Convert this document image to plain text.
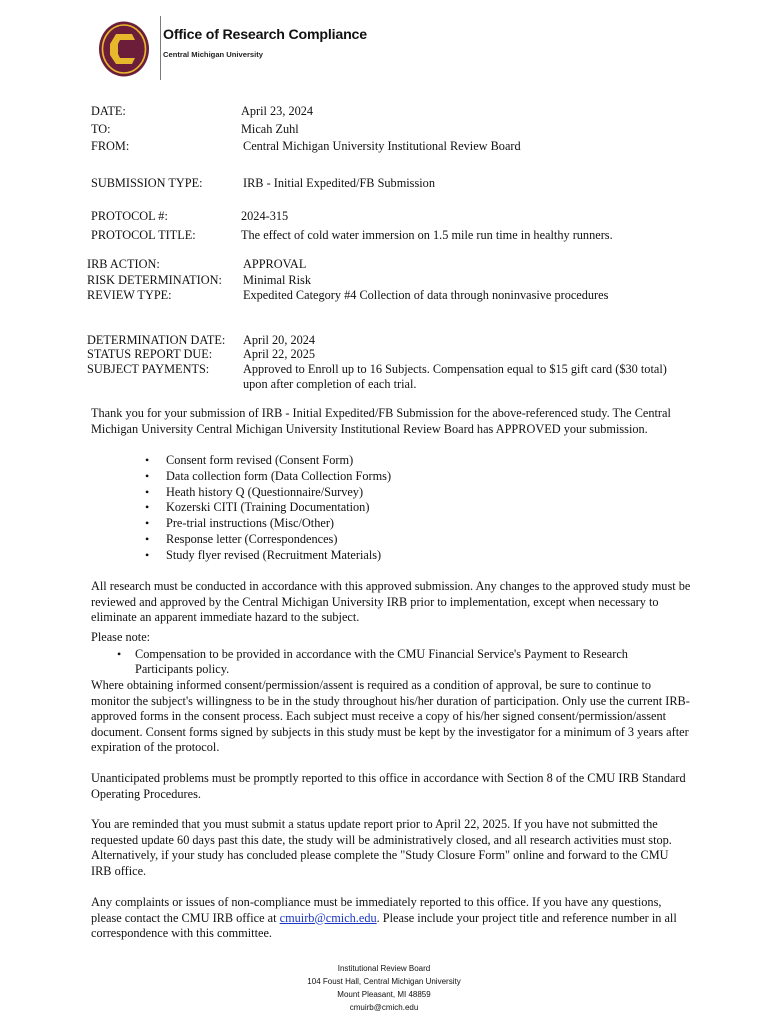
Office of Research Compliance
Central Michigan University
DATE:	April 23, 2024
TO:	Micah Zuhl
FROM:	Central Michigan University Institutional Review Board
SUBMISSION TYPE:	IRB - Initial Expedited/FB Submission
PROTOCOL #:	2024-315
PROTOCOL TITLE:	The effect of cold water immersion on 1.5 mile run time in healthy runners.
IRB ACTION:	APPROVAL
RISK DETERMINATION: Minimal Risk
REVIEW TYPE:	Expedited Category #4 Collection of data through noninvasive procedures
DETERMINATION DATE: April 20, 2024
STATUS REPORT DUE:	April 22, 2025
SUBJECT PAYMENTS:	Approved to Enroll up to 16 Subjects. Compensation equal to $15 gift card ($30 total)
upon after completion of each trial.
Thank you for your submission of IRB - Initial Expedited/FB Submission for the above-referenced study. The Central Michigan University Central Michigan University Institutional Review Board has APPROVED your submission.
• Consent form revised (Consent Form)
• Data collection form (Data Collection Forms)
• Heath history Q (Questionnaire/Survey)
• Kozerski CITI (Training Documentation)
• Pre-trial instructions (Misc/Other)
• Response letter (Correspondences)
• Study flyer revised (Recruitment Materials)
All research must be conducted in accordance with this approved submission. Any changes to the approved study must be reviewed and approved by the Central Michigan University IRB prior to implementation, except when necessary to eliminate an apparent immediate hazard to the subject.
Please note:
• Compensation to be provided in accordance with the CMU Financial Service's Payment to Research
Participants policy.
Where obtaining informed consent/permission/assent is required as a condition of approval, be sure to continue to monitor the subject's willingness to be in the study throughout his/her duration of participation. Only use the current IRB-approved forms in the consent process. Each subject must receive a copy of his/her signed consent/permission/assent document. Consent forms signed by subjects in this study must be kept by the investigator for a minimum of 3 years after expiration of the protocol.
Unanticipated problems must be promptly reported to this office in accordance with Section 8 of the CMU IRB Standard Operating Procedures.
You are reminded that you must submit a status update report prior to April 22, 2025. If you have not submitted the requested update 60 days past this date, the study will be administratively closed, and all research activities must stop. Alternatively, if your study has concluded please complete the "Study Closure Form" online and forward to the CMU IRB office.
Any complaints or issues of non-compliance must be immediately reported to this office. If you have any questions, please contact the CMU IRB office at cmuirb@cmich.edu. Please include your project title and reference number in all correspondence with this committee.
Institutional Review Board
104 Foust Hall, Central Michigan University
Mount Pleasant, MI 48859
cmuirb@cmich.edu
